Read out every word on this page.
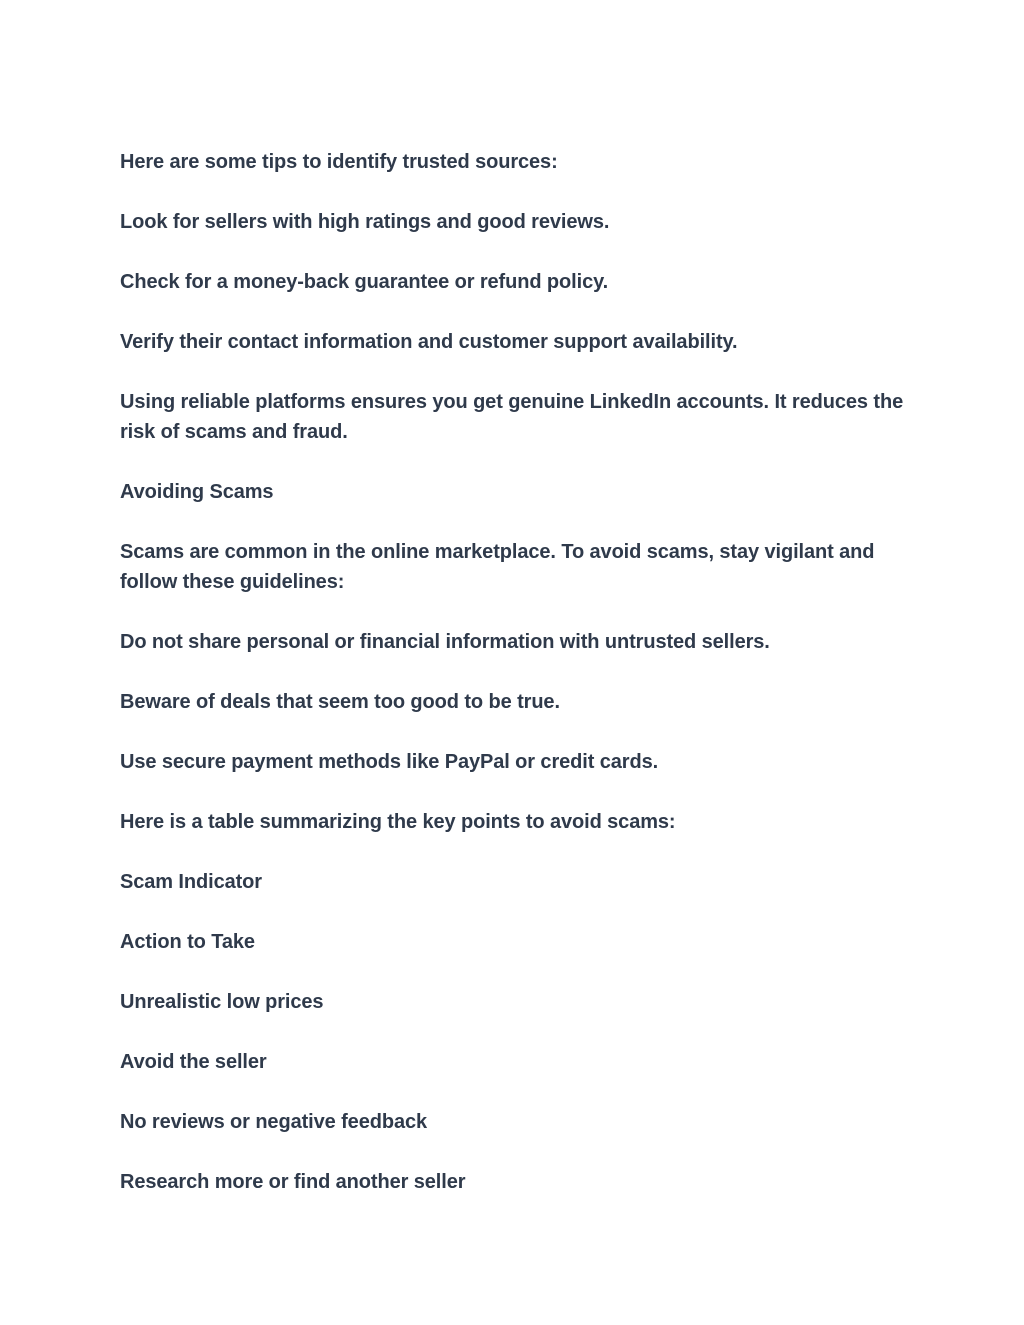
Here are some tips to identify trusted sources:

Look for sellers with high ratings and good reviews.

Check for a money-back guarantee or refund policy.

Verify their contact information and customer support availability.

Using reliable platforms ensures you get genuine LinkedIn accounts. It reduces the risk of scams and fraud.

Avoiding Scams

Scams are common in the online marketplace. To avoid scams, stay vigilant and follow these guidelines:

Do not share personal or financial information with untrusted sellers.

Beware of deals that seem too good to be true.

Use secure payment methods like PayPal or credit cards.

Here is a table summarizing the key points to avoid scams:

Scam Indicator

Action to Take

Unrealistic low prices

Avoid the seller

No reviews or negative feedback

Research more or find another seller
